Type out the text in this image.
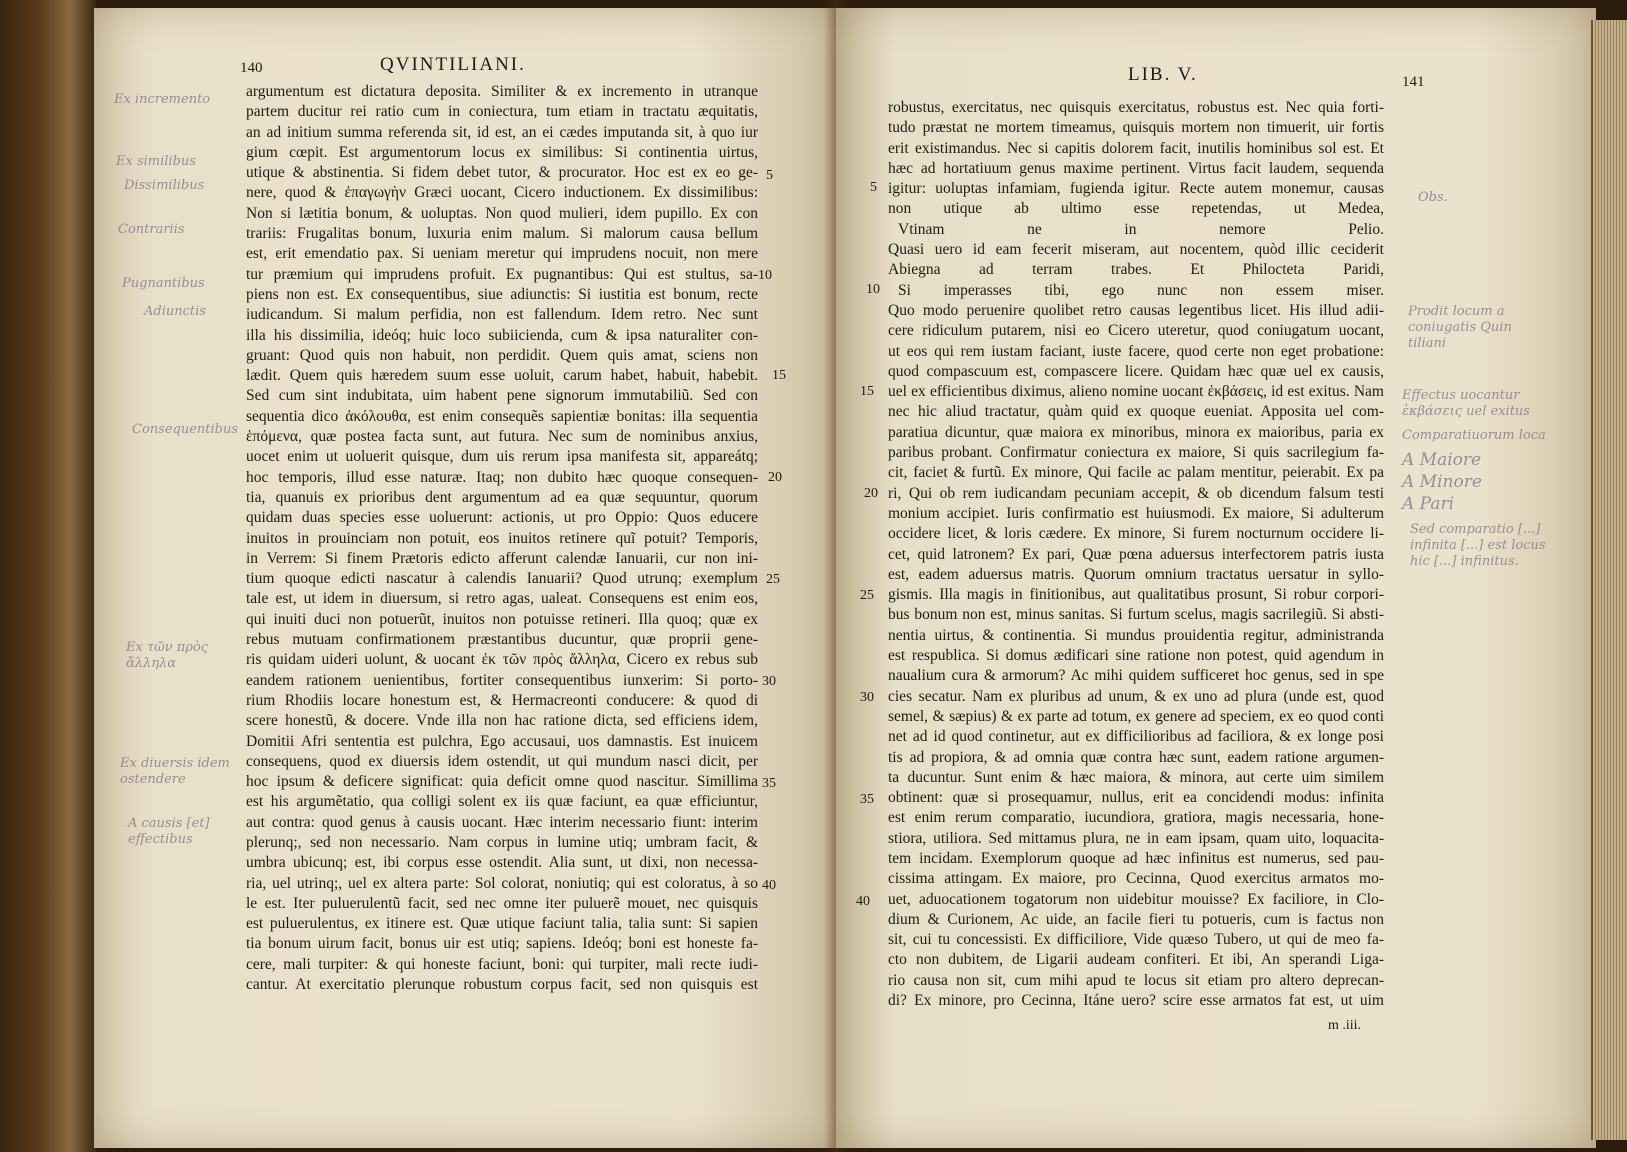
140	QVINTILIANI.
argumentum est dictatura deposita. Similiter & ex incremento in utranque
partem ducitur rei ratio cum in coniectura, tum etiam in tractatu æquitatis,
an ad initium summa referenda sit, id est, an ei cædes imputanda sit, à quo iur
gium cœpit. Est argumentorum locus ex similibus: Si continentia uirtus,
utique & abstinentia. Si fidem debet tutor, & procurator. Hoc est ex eo ge-
nere, quod & ἐπαγωγὴν Græci uocant, Cicero inductionem. Ex dissimilibus:
Non si lætitia bonum, & uoluptas. Non quod mulieri, idem pupillo. Ex con
trariis: Frugalitas bonum, luxuria enim malum. Si malorum causa bellum
est, erit emendatio pax. Si ueniam meretur qui imprudens nocuit, non mere
tur præmium qui imprudens profuit. Ex pugnantibus: Qui est stultus, sa-
piens non est. Ex consequentibus, siue adiunctis: Si iustitia est bonum, recte
iudicandum. Si malum perfidia, non est fallendum. Idem retro. Nec sunt
illa his dissimilia, ideóq; huic loco subiicienda, cum & ipsa naturaliter con-
gruant: Quod quis non habuit, non perdidit. Quem quis amat, sciens non
lædit. Quem quis hæredem suum esse uoluit, carum habet, habuit, habebit.
Sed cum sint indubitata, uim habent pene signorum immutabiliũ. Sed con
sequentia dico ἀκόλουθα, est enim consequẽs sapientiæ bonitas: illa sequentia
ἑπόμενα, quæ postea facta sunt, aut futura. Nec sum de nominibus anxius,
uocet enim ut uoluerit quisque, dum uis rerum ipsa manifesta sit, appareátq;
hoc temporis, illud esse naturæ. Itaq; non dubito hæc quoque consequen-
tia, quanuis ex prioribus dent argumentum ad ea quæ sequuntur, quorum
quidam duas species esse uoluerunt: actionis, ut pro Oppio: Quos educere
inuitos in prouinciam non potuit, eos inuitos retinere quĩ potuit? Temporis,
in Verrem: Si finem Prætoris edicto afferunt calendæ Ianuarii, cur non ini-
tium quoque edicti nascatur à calendis Ianuarii? Quod utrunq; exemplum
tale est, ut idem in diuersum, si retro agas, ualeat. Consequens est enim eos,
qui inuiti duci non potuerũt, inuitos non potuisse retineri. Illa quoq; quæ ex
rebus mutuam confirmationem præstantibus ducuntur, quæ proprii gene-
ris quidam uideri uolunt, & uocant ἐκ τῶν πρὸς ἄλληλα, Cicero ex rebus sub
eandem rationem uenientibus, fortiter consequentibus iunxerim: Si porto-
rium Rhodiis locare honestum est, & Hermacreonti conducere: & quod di
scere honestũ, & docere. Vnde illa non hac ratione dicta, sed efficiens idem,
Domitii Afri sententia est pulchra, Ego accusaui, uos damnastis. Est inuicem
consequens, quod ex diuersis idem ostendit, ut qui mundum nasci dicit, per
hoc ipsum & deficere significat: quia deficit omne quod nascitur. Simillima
est his argumẽtatio, qua colligi solent ex iis quæ faciunt, ea quæ efficiuntur,
aut contra: quod genus à causis uocant. Hæc interim necessario fiunt: interim
plerunq;, sed non necessario. Nam corpus in lumine utiq; umbram facit, &
umbra ubicunq; est, ibi corpus esse ostendit. Alia sunt, ut dixi, non necessa-
ria, uel utrinq;, uel ex altera parte: Sol colorat, noniutiq; qui est coloratus, à so
le est. Iter puluerulentũ facit, sed nec omne iter puluerẽ mouet, nec quisquis
est puluerulentus, ex itinere est. Quæ utique faciunt talia, talia sunt: Si sapien
tia bonum uirum facit, bonus uir est utiq; sapiens. Ideóq; boni est honeste fa-
cere, mali turpiter: & qui honeste faciunt, boni: qui turpiter, mali recte iudi-
cantur. At exercitatio plerunque robustum corpus facit, sed non quisquis est
5
10
15
20
25
30
35
40
Ex incremento
Ex similibus
Dissimilibus
Contrariis
Pugnantibus
Adiunctis
Consequentibus
Ex τῶν πρὸς ἄλληλα
Ex diuersis idem ostendere
A causis [et] effectibus
LIB. V.	141
robustus, exercitatus, nec quisquis exercitatus, robustus est. Nec quia forti-
tudo præstat ne mortem timeamus, quisquis mortem non timuerit, uir fortis
erit existimandus. Nec si capitis dolorem facit, inutilis hominibus sol est. Et
hæc ad hortatiuum genus maxime pertinent. Virtus facit laudem, sequenda
igitur: uoluptas infamiam, fugienda igitur. Recte autem monemur, causas
non utique ab ultimo esse repetendas, ut Medea,
Vtinam ne in nemore Pelio.
Quasi uero id eam fecerit miseram, aut nocentem, quòd illic ceciderit
Abiegna ad terram trabes. Et Philocteta Paridi,
Si imperasses tibi, ego nunc non essem miser.
Quo modo peruenire quolibet retro causas legentibus licet. His illud adii-
cere ridiculum putarem, nisi eo Cicero uteretur, quod coniugatum uocant,
ut eos qui rem iustam faciant, iuste facere, quod certe non eget probatione:
quod compascuum est, compascere licere. Quidam hæc quæ uel ex causis,
uel ex efficientibus diximus, alieno nomine uocant ἐκβάσεις, id est exitus. Nam
nec hic aliud tractatur, quàm quid ex quoque eueniat. Apposita uel com-
paratiua dicuntur, quæ maiora ex minoribus, minora ex maioribus, paria ex
paribus probant. Confirmatur coniectura ex maiore, Si quis sacrilegium fa-
cit, faciet & furtũ. Ex minore, Qui facile ac palam mentitur, peierabit. Ex pa
ri, Qui ob rem iudicandam pecuniam accepit, & ob dicendum falsum testi
monium accipiet. Iuris confirmatio est huiusmodi. Ex maiore, Si adulterum
occidere licet, & loris cædere. Ex minore, Si furem nocturnum occidere li-
cet, quid latronem? Ex pari, Quæ pœna aduersus interfectorem patris iusta
est, eadem aduersus matris. Quorum omnium tractatus uersatur in syllo-
gismis. Illa magis in finitionibus, aut qualitatibus prosunt, Si robur corpori-
bus bonum non est, minus sanitas. Si furtum scelus, magis sacrilegiũ. Si absti-
nentia uirtus, & continentia. Si mundus prouidentia regitur, administranda
est respublica. Si domus ædificari sine ratione non potest, quid agendum in
naualium cura & armorum? Ac mihi quidem sufficeret hoc genus, sed in spe
cies secatur. Nam ex pluribus ad unum, & ex uno ad plura (unde est, quod
semel, & sæpius) & ex parte ad totum, ex genere ad speciem, ex eo quod conti
net ad id quod continetur, aut ex difficilioribus ad faciliora, & ex longe posi
tis ad propiora, & ad omnia quæ contra hæc sunt, eadem ratione argumen-
ta ducuntur. Sunt enim & hæc maiora, & minora, aut certe uim similem
obtinent: quæ si prosequamur, nullus, erit ea concidendi modus: infinita
est enim rerum comparatio, iucundiora, gratiora, magis necessaria, hone-
stiora, utiliora. Sed mittamus plura, ne in eam ipsam, quam uito, loquacita-
tem incidam. Exemplorum quoque ad hæc infinitus est numerus, sed pau-
cissima attingam. Ex maiore, pro Cecinna, Quod exercitus armatos mo-
uet, aduocationem togatorum non uidebitur mouisse? Ex faciliore, in Clo-
dium & Curionem, Ac uide, an facile fieri tu potueris, cum is factus non
sit, cui tu concessisti. Ex difficiliore, Vide quæso Tubero, ut qui de meo fa-
cto non dubitem, de Ligarii audeam confiteri. Et ibi, An sperandi Liga-
rio causa non sit, cum mihi apud te locus sit etiam pro altero deprecan-
di? Ex minore, pro Cecinna, Itáne uero? scire esse armatos fat est, ut uim
5
10
15
20
25
30
35
40
m .iii.
Obs.
Prodit locum a coniugatis Quin tiliani
Effectus uocantur ἐκβάσεις uel exitus
Comparatiuorum loca
A Maiore
A Minore
A Pari
Sed comparatio [...] infinita [...] est locus hic [...] infinitus.
